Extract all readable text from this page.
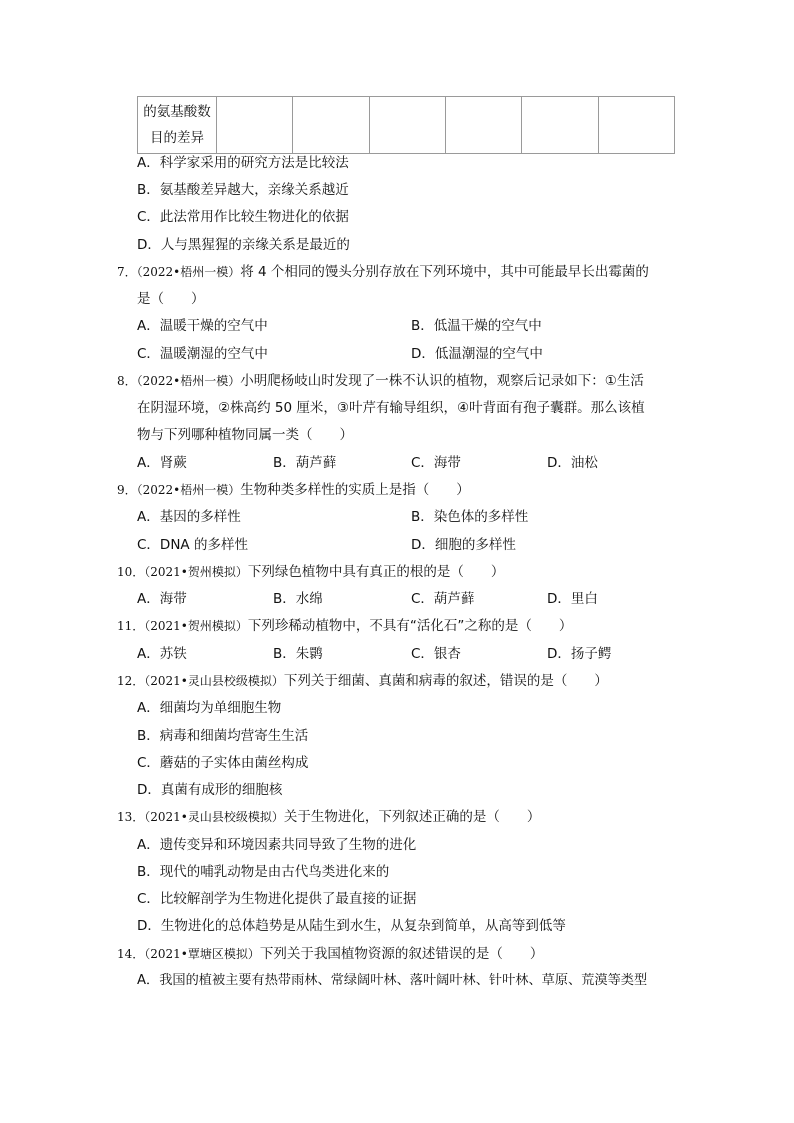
的氨基酸数
目的差异

A．科学家采用的研究方法是比较法
B．氨基酸差异越大，亲缘关系越近
C．此法常用作比较生物进化的依据
D．人与黑猩猩的亲缘关系是最近的
7．（2022•梧州一模）将 4 个相同的馒头分别存放在下列环境中，其中可能最早长出霉菌的
是（　　）
A．温暖干燥的空气中	B．低温干燥的空气中
C．温暖潮湿的空气中	D．低温潮湿的空气中
8．（2022•梧州一模）小明爬杨岐山时发现了一株不认识的植物，观察后记录如下：①生活
在阴湿环境，②株高约 50 厘米，③叶芹有输导组织，④叶背面有孢子囊群。那么该植
物与下列哪种植物同属一类（　　）
A．肾蕨	B．葫芦藓	C．海带	D．油松
9．（2022•梧州一模）生物种类多样性的实质上是指（　　）
A．基因的多样性	B．染色体的多样性
C．DNA 的多样性	D．细胞的多样性
10．（2021•贺州模拟）下列绿色植物中具有真正的根的是（　　）
A．海带	B．水绵	C．葫芦藓	D．里白
11．（2021•贺州模拟）下列珍稀动植物中，不具有“活化石”之称的是（　　）
A．苏铁	B．朱鹮	C．银杏	D．扬子鳄
12．（2021•灵山县校级模拟）下列关于细菌、真菌和病毒的叙述，错误的是（　　）
A．细菌均为单细胞生物
B．病毒和细菌均营寄生生活
C．蘑菇的子实体由菌丝构成
D．真菌有成形的细胞核
13．（2021•灵山县校级模拟）关于生物进化，下列叙述正确的是（　　）
A．遗传变异和环境因素共同导致了生物的进化
B．现代的哺乳动物是由古代鸟类进化来的
C．比较解剖学为生物进化提供了最直接的证据
D．生物进化的总体趋势是从陆生到水生，从复杂到简单，从高等到低等
14．（2021•覃塘区模拟）下列关于我国植物资源的叙述错误的是（　　）
A．我国的植被主要有热带雨林、常绿阔叶林、落叶阔叶林、针叶林、草原、荒漠等类型
